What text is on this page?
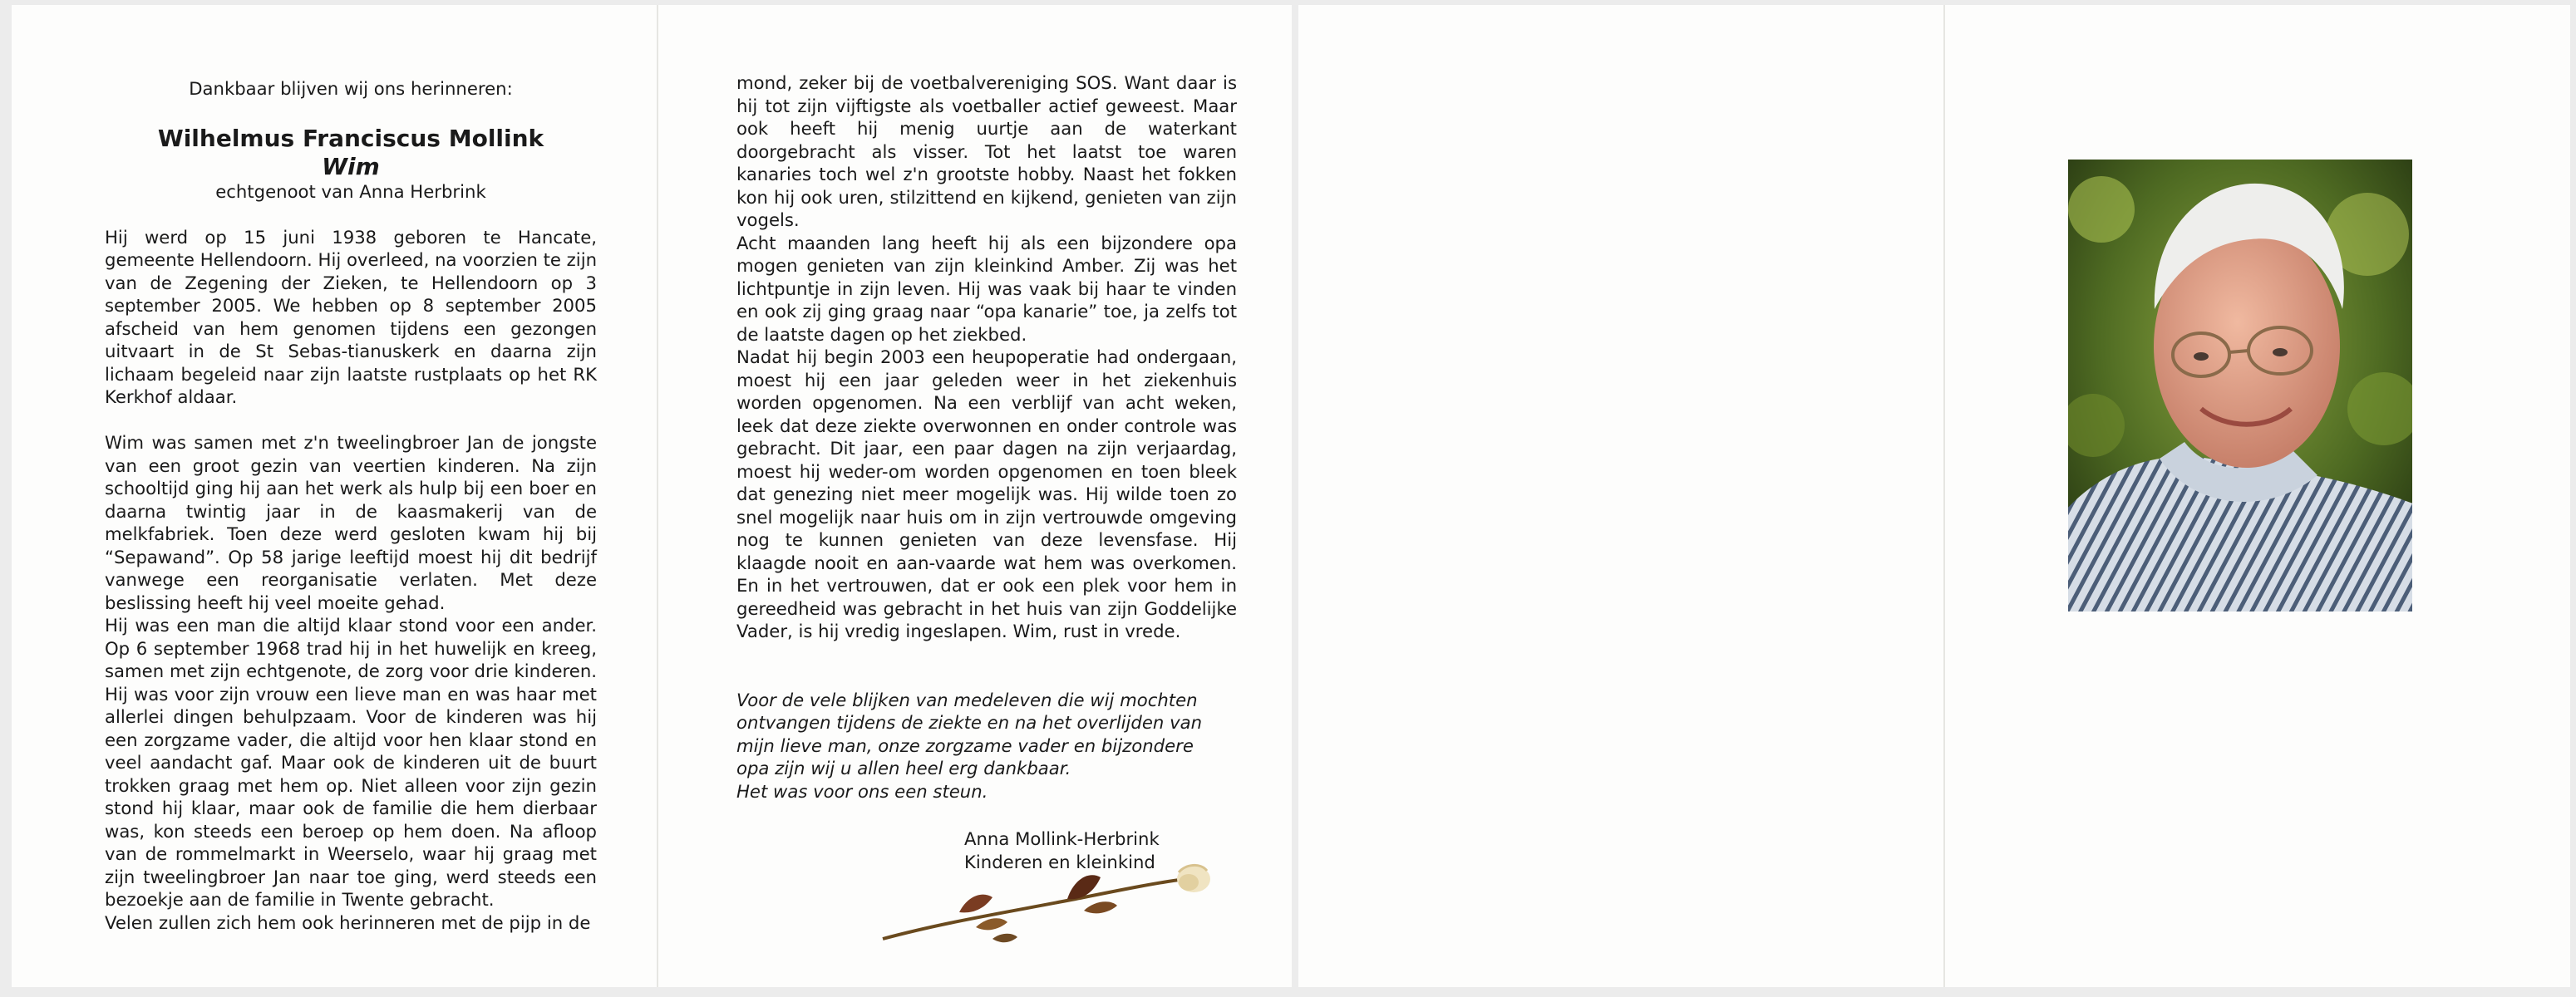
Dankbaar blijven wij ons herinneren:

Wilhelmus Franciscus Mollink

Wim

echtgenoot van Anna Herbrink

Hij werd op 15 juni 1938 geboren te Hancate, gemeente Hellendoorn. Hij overleed, na voorzien te zijn van de Zegening der Zieken, te Hellendoorn op 3 september 2005. We hebben op 8 september 2005 afscheid van hem genomen tijdens een gezongen uitvaart in de St Sebas-tianuskerk en daarna zijn lichaam begeleid naar zijn laatste rustplaats op het RK Kerkhof aldaar.

Wim was samen met z'n tweelingbroer Jan de jongste van een groot gezin van veertien kinderen. Na zijn schooltijd ging hij aan het werk als hulp bij een boer en daarna twintig jaar in de kaasmakerij van de melkfabriek. Toen deze werd gesloten kwam hij bij “Sepawand”. Op 58 jarige leeftijd moest hij dit bedrijf vanwege een reorganisatie verlaten. Met deze beslissing heeft hij veel moeite gehad.

Hij was een man die altijd klaar stond voor een ander. Op 6 september 1968 trad hij in het huwelijk en kreeg, samen met zijn echtgenote, de zorg voor drie kinderen. Hij was voor zijn vrouw een lieve man en was haar met allerlei dingen behulpzaam. Voor de kinderen was hij een zorgzame vader, die altijd voor hen klaar stond en veel aandacht gaf. Maar ook de kinderen uit de buurt trokken graag met hem op. Niet alleen voor zijn gezin stond hij klaar, maar ook de familie die hem dierbaar was, kon steeds een beroep op hem doen. Na afloop van de rommelmarkt in Weerselo, waar hij graag met zijn tweelingbroer Jan naar toe ging, werd steeds een bezoekje aan de familie in Twente gebracht.

Velen zullen zich hem ook herinneren met de pijp in de

mond, zeker bij de voetbalvereniging SOS. Want daar is hij tot zijn vijftigste als voetballer actief geweest. Maar ook heeft hij menig uurtje aan de waterkant doorgebracht als visser. Tot het laatst toe waren kanaries toch wel z'n grootste hobby. Naast het fokken kon hij ook uren, stilzittend en kijkend, genieten van zijn vogels.

Acht maanden lang heeft hij als een bijzondere opa mogen genieten van zijn kleinkind Amber. Zij was het lichtpuntje in zijn leven. Hij was vaak bij haar te vinden en ook zij ging graag naar “opa kanarie” toe, ja zelfs tot de laatste dagen op het ziekbed.

Nadat hij begin 2003 een heupoperatie had ondergaan, moest hij een jaar geleden weer in het ziekenhuis worden opgenomen. Na een verblijf van acht weken, leek dat deze ziekte overwonnen en onder controle was gebracht. Dit jaar, een paar dagen na zijn verjaardag, moest hij weder-om worden opgenomen en toen bleek dat genezing niet meer mogelijk was. Hij wilde toen zo snel mogelijk naar huis om in zijn vertrouwde omgeving nog te kunnen genieten van deze levensfase. Hij klaagde nooit en aan-vaarde wat hem was overkomen. En in het vertrouwen, dat er ook een plek voor hem in gereedheid was gebracht in het huis van zijn Goddelijke Vader, is hij vredig ingeslapen. Wim, rust in vrede.

Voor de vele blijken van medeleven die wij mochten

ontvangen tijdens de ziekte en na het overlijden van

mijn lieve man, onze zorgzame vader en bijzondere

opa zijn wij u allen heel erg dankbaar.

Het was voor ons een steun.

Anna Mollink-Herbrink

Kinderen en kleinkind
